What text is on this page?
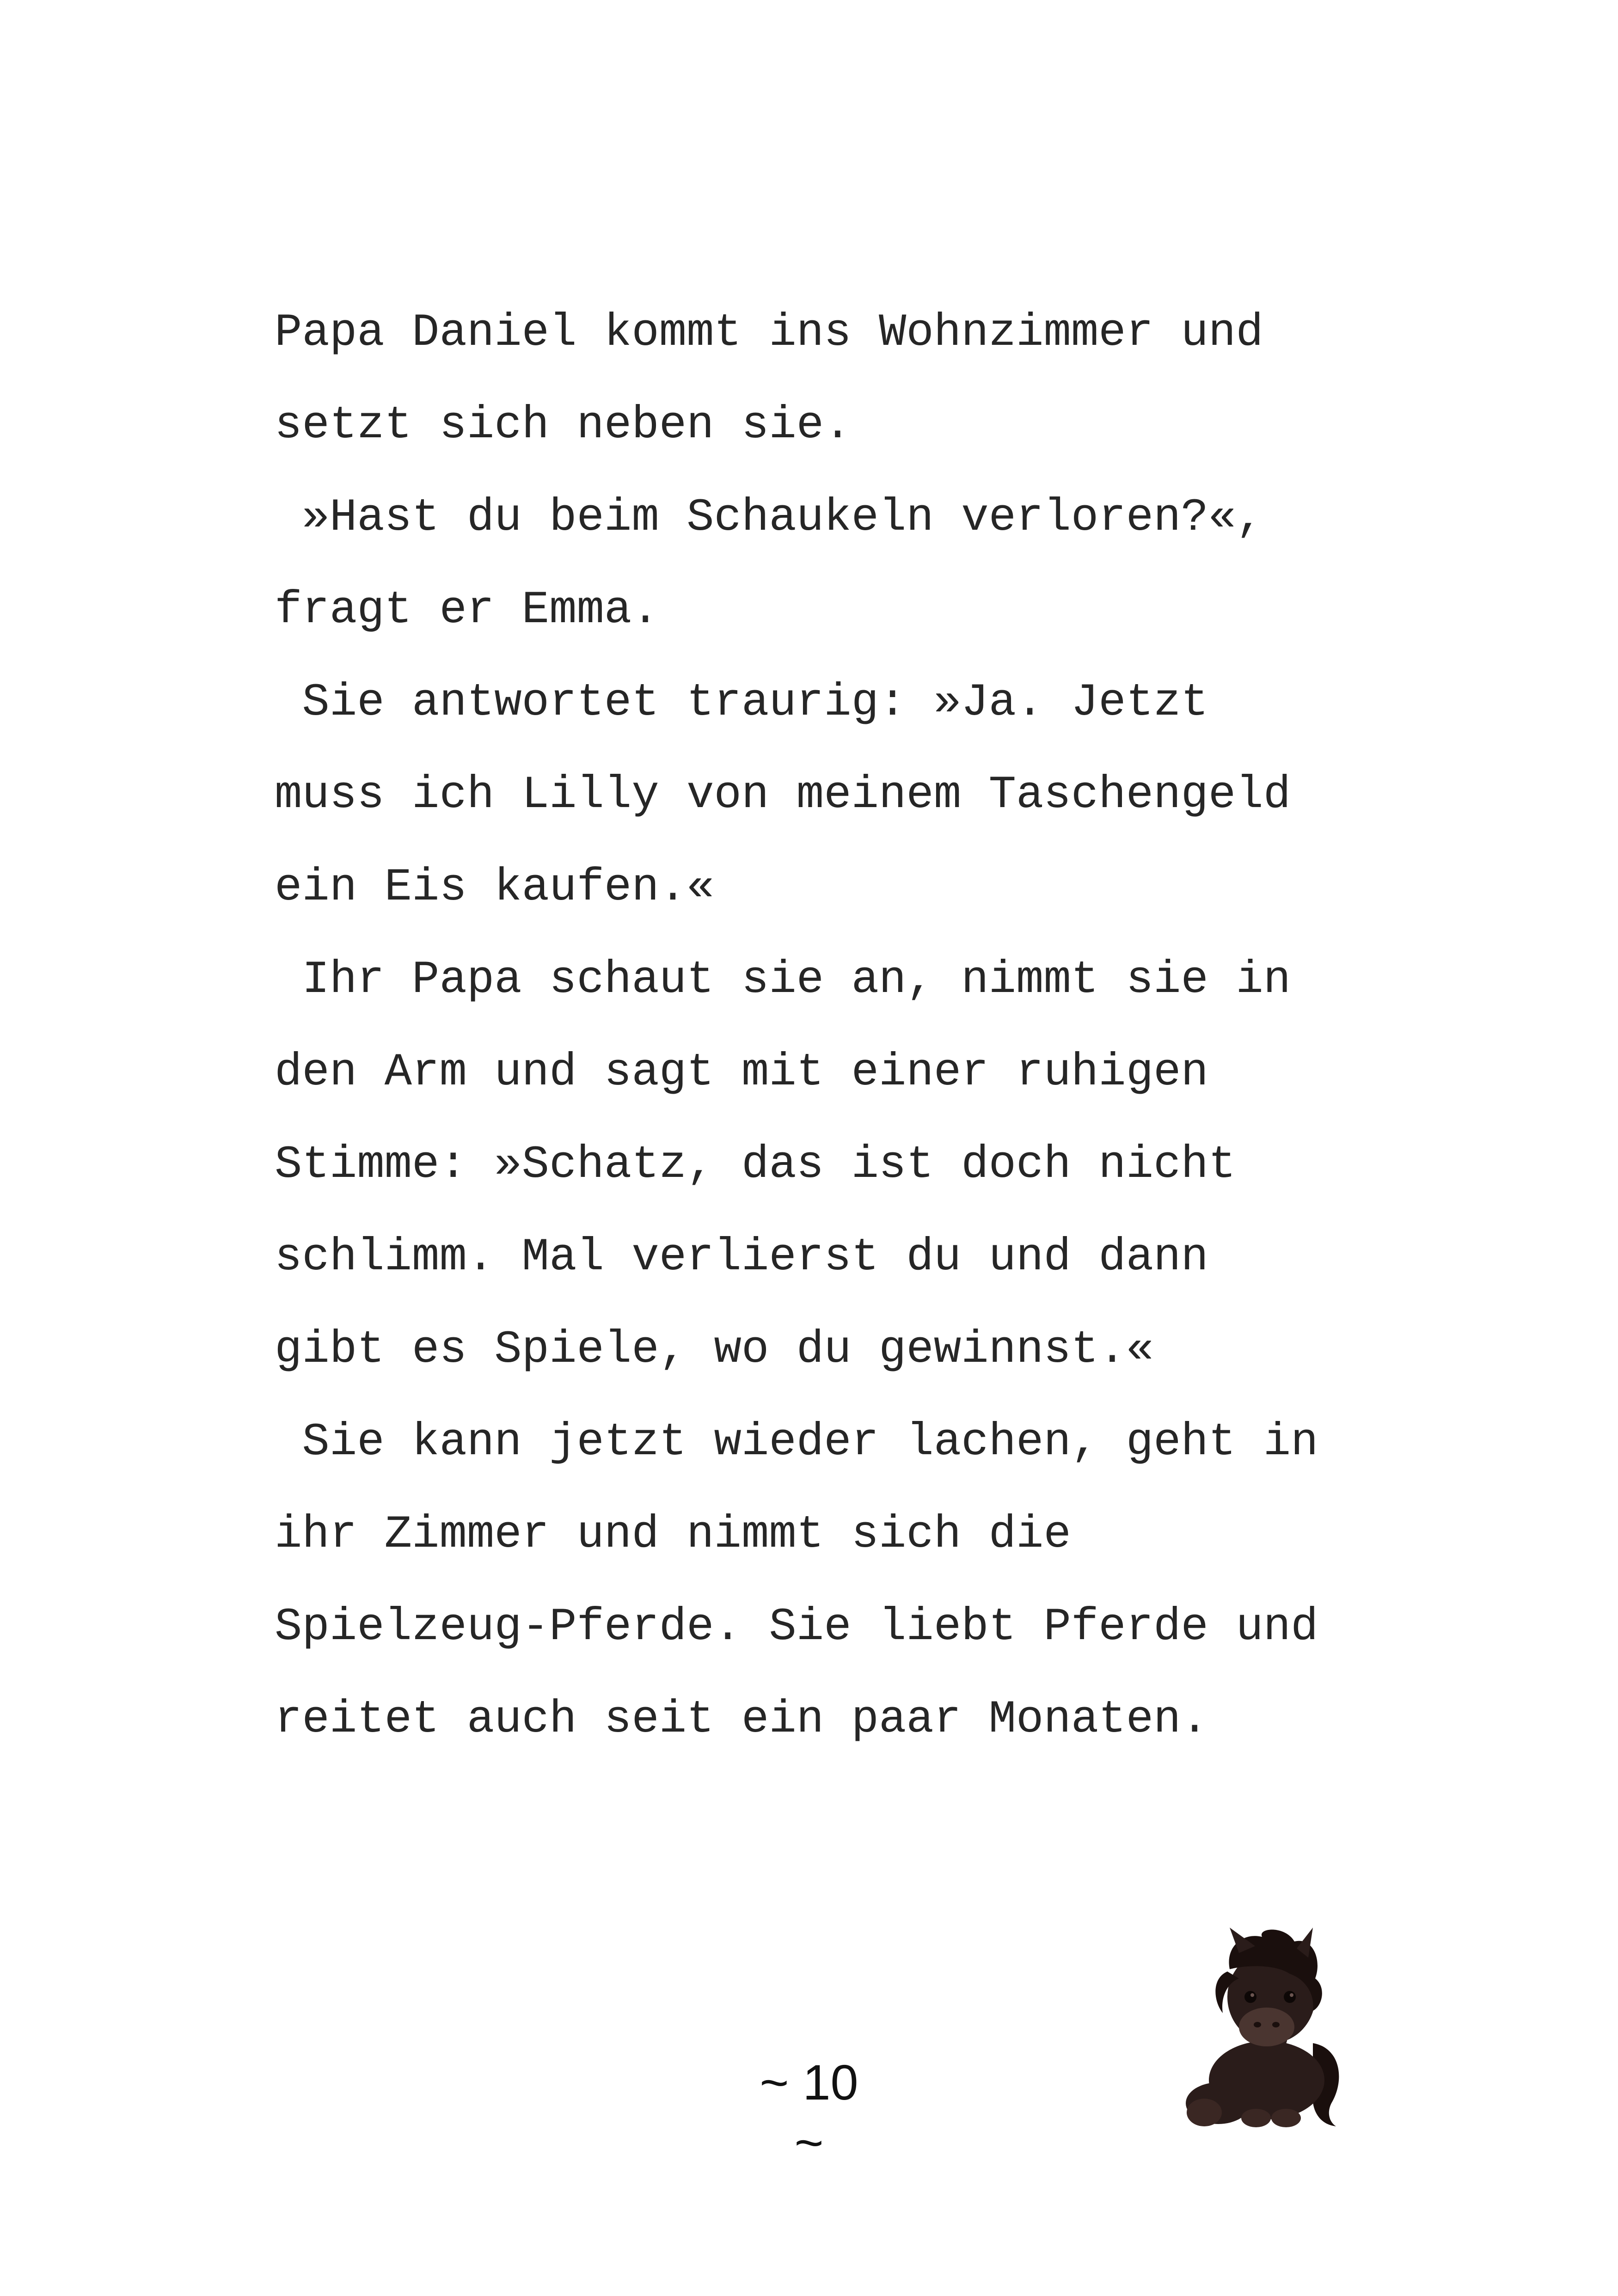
Papa Daniel kommt ins Wohnzimmer und
setzt sich neben sie.
»Hast du beim Schaukeln verloren?«,
fragt er Emma.
Sie antwortet traurig: »Ja. Jetzt
muss ich Lilly von meinem Taschengeld
ein Eis kaufen.«
Ihr Papa schaut sie an, nimmt sie in
den Arm und sagt mit einer ruhigen
Stimme: »Schatz, das ist doch nicht
schlimm. Mal verlierst du und dann
gibt es Spiele, wo du gewinnst.«
Sie kann jetzt wieder lachen, geht in
ihr Zimmer und nimmt sich die
Spielzeug-Pferde. Sie liebt Pferde und
reitet auch seit ein paar Monaten.
~ 10 ~
